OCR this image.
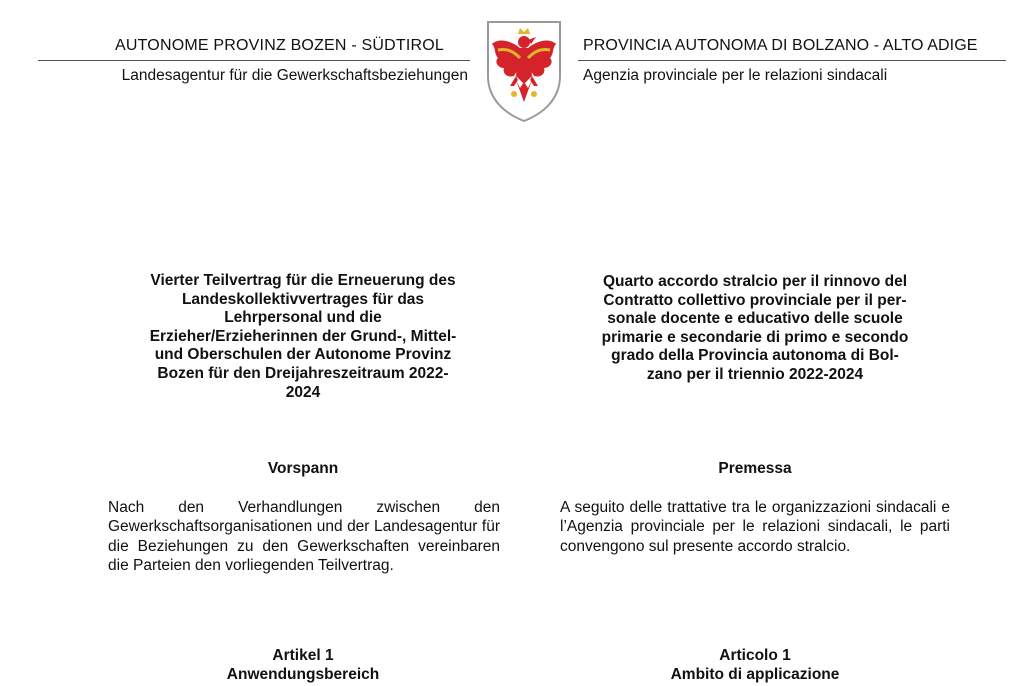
AUTONOME PROVINZ BOZEN - SÜDTIROL
Landesagentur für die Gewerkschaftsbeziehungen
PROVINCIA AUTONOMA DI BOLZANO - ALTO ADIGE
Agenzia provinciale per le relazioni sindacali
Vierter Teilvertrag für die Erneuerung des
Landeskollektivvertrages für das
Lehrpersonal und die
Erzieher/Erzieherinnen der Grund-, Mittel-
und Oberschulen der Autonome Provinz
Bozen für den Dreijahreszeitraum 2022-
2024
Quarto accordo stralcio per il rinnovo del
Contratto collettivo provinciale per il per-
sonale docente e educativo delle scuole
primarie e secondarie di primo e secondo
grado della Provincia autonoma di Bol-
zano per il triennio 2022-2024
Vorspann	Premessa
Nach den Verhandlungen zwischen den Gewerkschaftsorganisationen und der Landesagentur für die Beziehungen zu den Gewerkschaften vereinbaren die Parteien den vorliegenden Teilvertrag.
A seguito delle trattative tra le organizzazioni sindacali e l’Agenzia provinciale per le relazioni sindacali, le parti convengono sul presente accordo stralcio.
Artikel 1
Anwendungsbereich
Articolo 1
Ambito di applicazione
